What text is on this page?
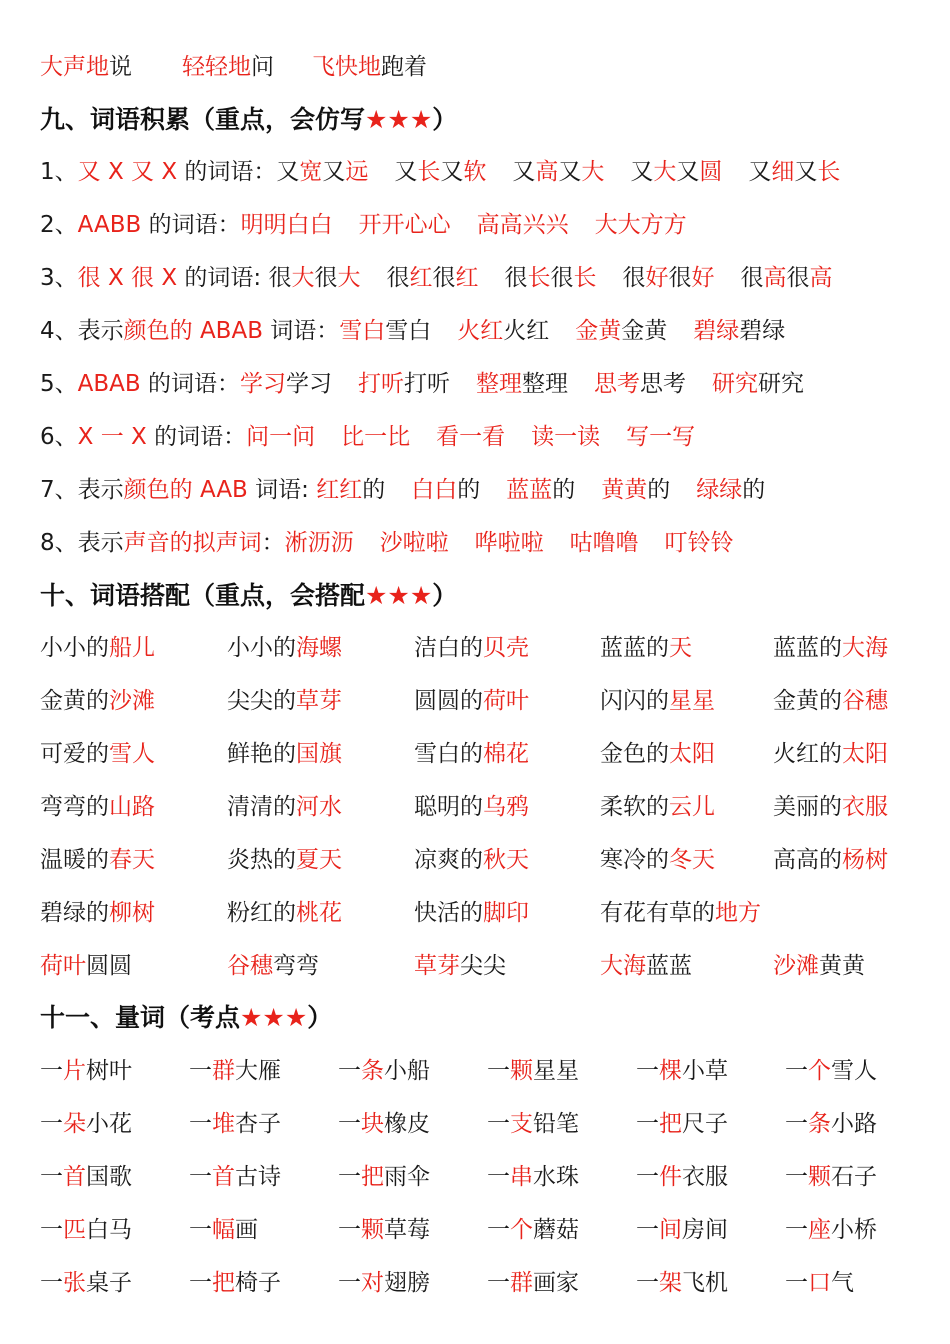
大声地说 轻轻地问 飞快地跑着
九、词语积累（重点，会仿写★★★）
1、又 X 又 X 的词语：又宽又远 又长又软 又高又大 又大又圆 又细又长
2、AABB 的词语：明明白白 开开心心 高高兴兴 大大方方
3、很 X 很 X 的词语: 很大很大 很红很红 很长很长 很好很好 很高很高
4、表示颜色的 ABAB 词语：雪白雪白 火红火红 金黄金黄 碧绿碧绿
5、ABAB 的词语：学习学习 打听打听 整理整理 思考思考 研究研究
6、X 一 X 的词语：问一问 比一比 看一看 读一读 写一写
7、表示颜色的 AAB 词语: 红红的 白白的 蓝蓝的 黄黄的 绿绿的
8、表示声音的拟声词：淅沥沥 沙啦啦 哗啦啦 咕噜噜 叮铃铃
十、词语搭配（重点，会搭配★★★）
小小的船儿	小小的海螺	洁白的贝壳	蓝蓝的天	蓝蓝的大海
金黄的沙滩	尖尖的草芽	圆圆的荷叶	闪闪的星星	金黄的谷穗
可爱的雪人	鲜艳的国旗	雪白的棉花	金色的太阳	火红的太阳
弯弯的山路	清清的河水	聪明的乌鸦	柔软的云儿	美丽的衣服
温暖的春天	炎热的夏天	凉爽的秋天	寒冷的冬天	高高的杨树
碧绿的柳树	粉红的桃花	快活的脚印	有花有草的地方
荷叶圆圆	谷穗弯弯	草芽尖尖	大海蓝蓝	沙滩黄黄
十一、量词（考点★★★）
一片树叶 一群大雁 一条小船 一颗星星 一棵小草 一个雪人
一朵小花 一堆杏子 一块橡皮 一支铅笔 一把尺子 一条小路
一首国歌 一首古诗 一把雨伞 一串水珠 一件衣服 一颗石子
一匹白马 一幅画	一颗草莓 一个蘑菇 一间房间 一座小桥
一张桌子 一把椅子 一对翅膀 一群画家 一架飞机 一口气
